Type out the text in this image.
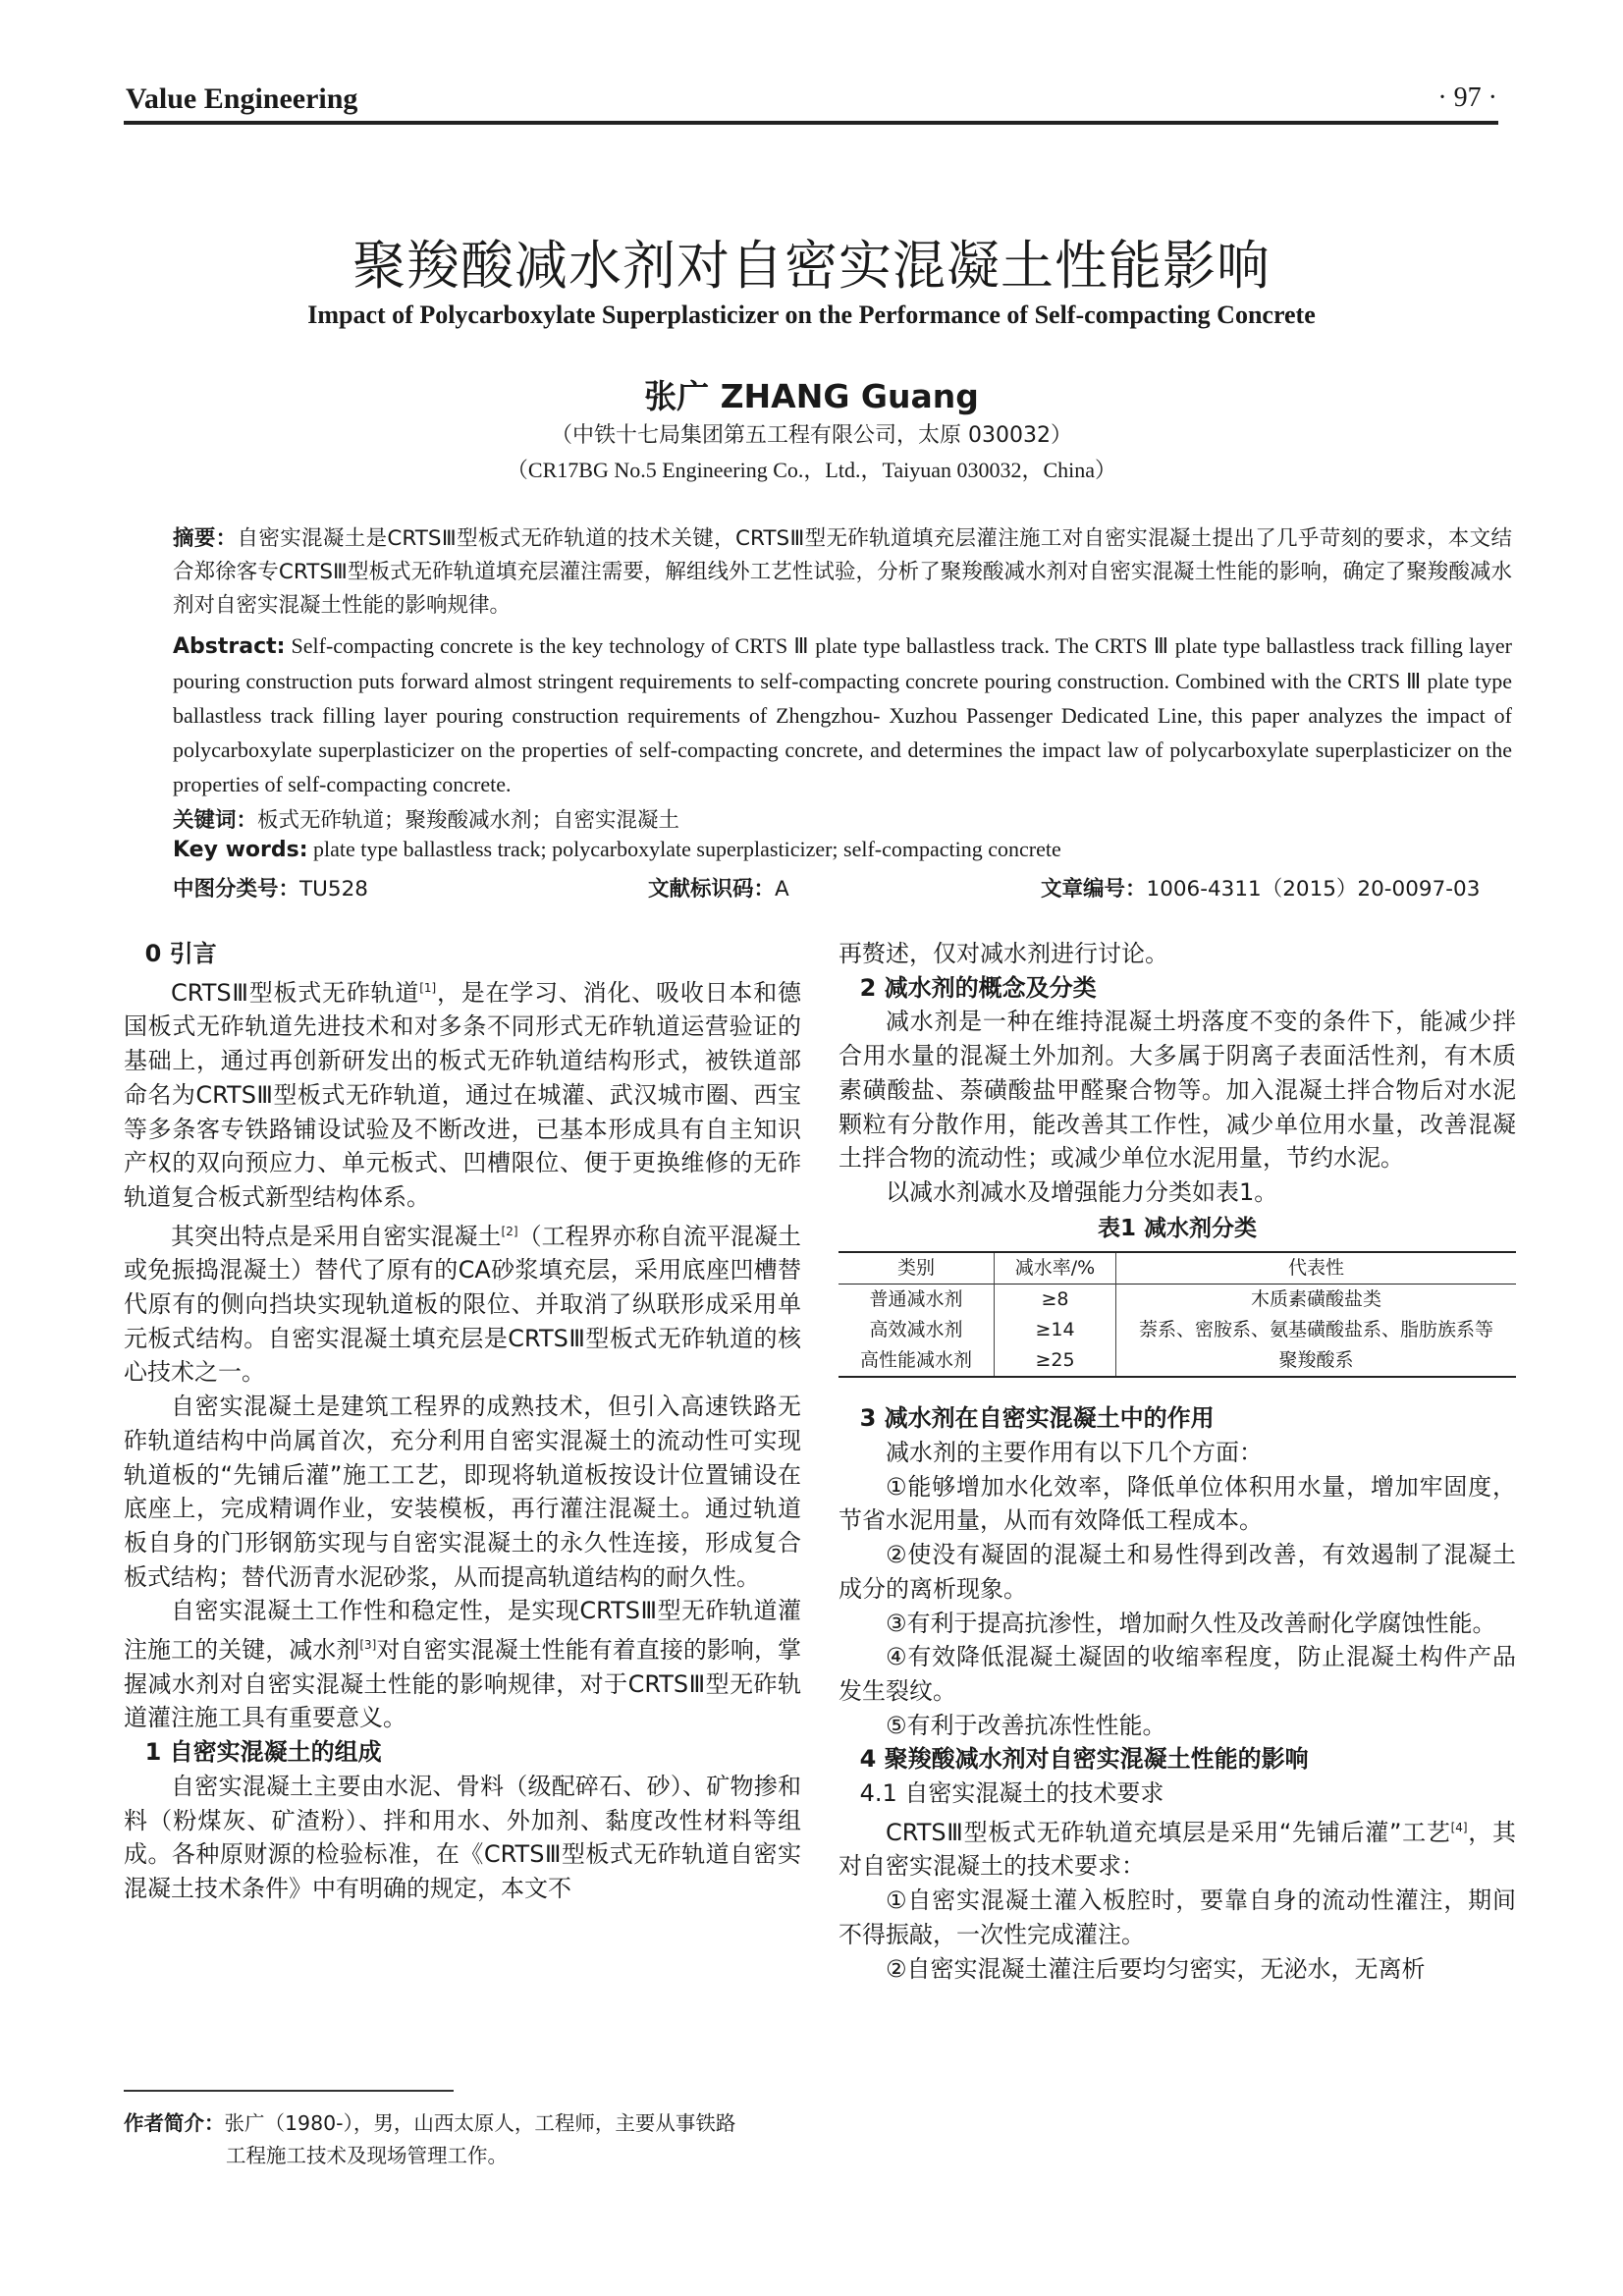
Value Engineering	· 97 ·
聚羧酸减水剂对自密实混凝土性能影响
Impact of Polycarboxylate Superplasticizer on the Performance of Self-compacting Concrete
张广 ZHANG Guang
（中铁十七局集团第五工程有限公司，太原 030032）
（CR17BG No.5 Engineering Co.，Ltd.，Taiyuan 030032，China）
摘要：自密实混凝土是CRTSⅢ型板式无砟轨道的技术关键，CRTSⅢ型无砟轨道填充层灌注施工对自密实混凝土提出了几乎苛刻的要求，本文结合郑徐客专CRTSⅢ型板式无砟轨道填充层灌注需要，解组线外工艺性试验，分析了聚羧酸减水剂对自密实混凝土性能的影响，确定了聚羧酸减水剂对自密实混凝土性能的影响规律。
Abstract: Self-compacting concrete is the key technology of CRTS Ⅲ plate type ballastless track. The CRTS Ⅲ plate type ballastless track filling layer pouring construction puts forward almost stringent requirements to self-compacting concrete pouring construction. Combined with the CRTS Ⅲ plate type ballastless track filling layer pouring construction requirements of Zhengzhou- Xuzhou Passenger Dedicated Line, this paper analyzes the impact of polycarboxylate superplasticizer on the properties of self-compacting concrete, and determines the impact law of polycarboxylate superplasticizer on the properties of self-compacting concrete.
关键词：板式无砟轨道；聚羧酸减水剂；自密实混凝土
Key words: plate type ballastless track; polycarboxylate superplasticizer; self-compacting concrete
中图分类号：TU528	文献标识码：A	文章编号：1006-4311（2015）20-0097-03

0 引言

CRTSⅢ型板式无砟轨道[1]，是在学习、消化、吸收日本和德国板式无砟轨道先进技术和对多条不同形式无砟轨道运营验证的基础上，通过再创新研发出的板式无砟轨道结构形式，被铁道部命名为CRTSⅢ型板式无砟轨道，通过在城灌、武汉城市圈、西宝等多条客专铁路铺设试验及不断改进，已基本形成具有自主知识产权的双向预应力、单元板式、凹槽限位、便于更换维修的无砟轨道复合板式新型结构体系。

其突出特点是采用自密实混凝土[2]（工程界亦称自流平混凝土或免振捣混凝土）替代了原有的CA砂浆填充层，采用底座凹槽替代原有的侧向挡块实现轨道板的限位、并取消了纵联形成采用单元板式结构。自密实混凝土填充层是CRTSⅢ型板式无砟轨道的核心技术之一。

自密实混凝土是建筑工程界的成熟技术，但引入高速铁路无砟轨道结构中尚属首次，充分利用自密实混凝土的流动性可实现轨道板的“先铺后灌”施工工艺，即现将轨道板按设计位置铺设在底座上，完成精调作业，安装模板，再行灌注混凝土。通过轨道板自身的门形钢筋实现与自密实混凝土的永久性连接，形成复合板式结构；替代沥青水泥砂浆，从而提高轨道结构的耐久性。

自密实混凝土工作性和稳定性，是实现CRTSⅢ型无砟轨道灌注施工的关键，减水剂[3]对自密实混凝土性能有着直接的影响，掌握减水剂对自密实混凝土性能的影响规律，对于CRTSⅢ型无砟轨道灌注施工具有重要意义。

1 自密实混凝土的组成

自密实混凝土主要由水泥、骨料（级配碎石、砂）、矿物掺和料（粉煤灰、矿渣粉）、拌和用水、外加剂、黏度改性材料等组成。各种原财源的检验标准，在《CRTSⅢ型板式无砟轨道自密实混凝土技术条件》中有明确的规定，本文不

再赘述，仅对减水剂进行讨论。

2 减水剂的概念及分类

减水剂是一种在维持混凝土坍落度不变的条件下，能减少拌合用水量的混凝土外加剂。大多属于阴离子表面活性剂，有木质素磺酸盐、萘磺酸盐甲醛聚合物等。加入混凝土拌合物后对水泥颗粒有分散作用，能改善其工作性，减少单位用水量，改善混凝土拌合物的流动性；或减少单位水泥用量，节约水泥。

以减水剂减水及增强能力分类如表1。

表1 减水剂分类

类别	减水率/%	代表性
普通减水剂	≥8	木质素磺酸盐类
高效减水剂	≥14	萘系、密胺系、氨基磺酸盐系、脂肪族系等
高性能减水剂	≥25	聚羧酸系

3 减水剂在自密实混凝土中的作用

减水剂的主要作用有以下几个方面：

①能够增加水化效率，降低单位体积用水量，增加牢固度，节省水泥用量，从而有效降低工程成本。

②使没有凝固的混凝土和易性得到改善，有效遏制了混凝土成分的离析现象。

③有利于提高抗渗性，增加耐久性及改善耐化学腐蚀性能。

④有效降低混凝土凝固的收缩率程度，防止混凝土构件产品发生裂纹。

⑤有利于改善抗冻性性能。

4 聚羧酸减水剂对自密实混凝土性能的影响

4.1 自密实混凝土的技术要求

CRTSⅢ型板式无砟轨道充填层是采用“先铺后灌”工艺[4]，其对自密实混凝土的技术要求：

①自密实混凝土灌入板腔时，要靠自身的流动性灌注，期间不得振敲，一次性完成灌注。

②自密实混凝土灌注后要均匀密实，无泌水，无离析

作者简介：张广（1980-），男，山西太原人，工程师，主要从事铁路
工程施工技术及现场管理工作。
